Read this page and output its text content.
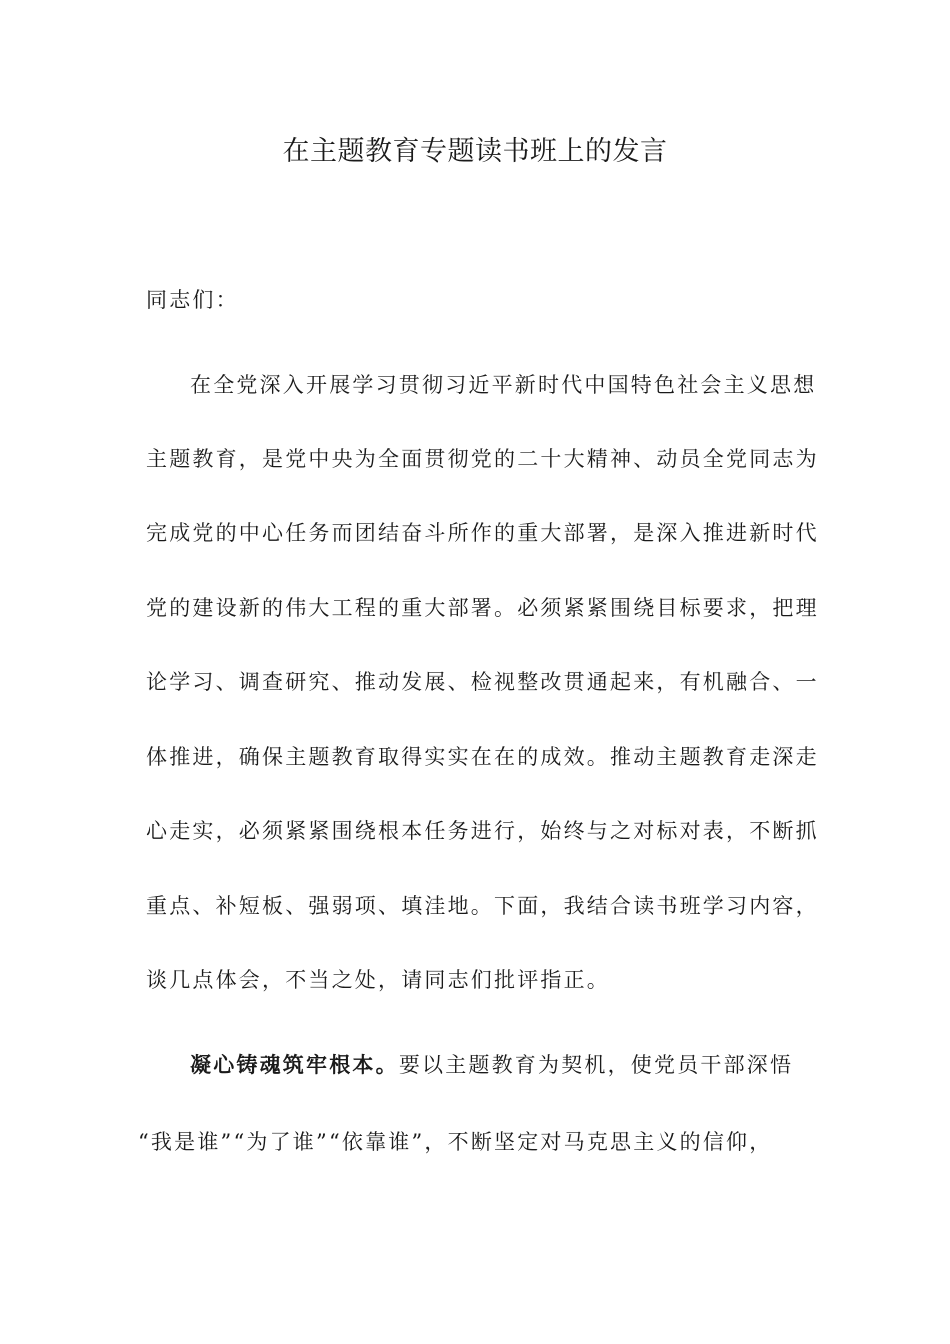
在主题教育专题读书班上的发言
同志们：
在全党深入开展学习贯彻习近平新时代中国特色社会主义思想
主题教育，是党中央为全面贯彻党的二十大精神、动员全党同志为
完成党的中心任务而团结奋斗所作的重大部署，是深入推进新时代
党的建设新的伟大工程的重大部署。必须紧紧围绕目标要求，把理
论学习、调查研究、推动发展、检视整改贯通起来，有机融合、一
体推进，确保主题教育取得实实在在的成效。推动主题教育走深走
心走实，必须紧紧围绕根本任务进行，始终与之对标对表，不断抓
重点、补短板、强弱项、填洼地。下面，我结合读书班学习内容，
谈几点体会，不当之处，请同志们批评指正。
凝心铸魂筑牢根本。要以主题教育为契机，使党员干部深悟
“我是谁”“为了谁”“依靠谁”，不断坚定对马克思主义的信仰，
